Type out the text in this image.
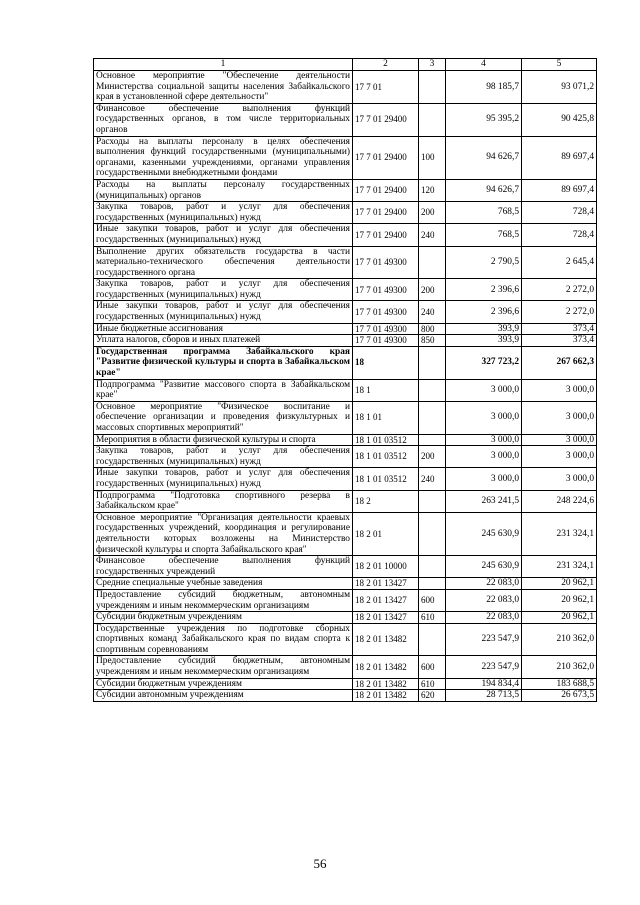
1	2	3	4	5
Основное мероприятие "Обеспечение деятельности Министерства социальной защиты населения Забайкальского края в установленной сфере деятельности"	17 7 01		98 185,7	93 071,2
Финансовое обеспечение выполнения функций государственных органов, в том числе территориальных органов	17 7 01 29400		95 395,2	90 425,8
Расходы на выплаты персоналу в целях обеспечения выполнения функций государственными (муниципальными) органами, казенными учреждениями, органами управления государственными внебюджетными фондами	17 7 01 29400	100	94 626,7	89 697,4
Расходы на выплаты персоналу государственных (муниципальных) органов	17 7 01 29400	120	94 626,7	89 697,4
Закупка товаров, работ и услуг для обеспечения государственных (муниципальных) нужд	17 7 01 29400	200	768,5	728,4
Иные закупки товаров, работ и услуг для обеспечения государственных (муниципальных) нужд	17 7 01 29400	240	768,5	728,4
Выполнение других обязательств государства в части материально-технического обеспечения деятельности государственного органа	17 7 01 49300		2 790,5	2 645,4
Закупка товаров, работ и услуг для обеспечения государственных (муниципальных) нужд	17 7 01 49300	200	2 396,6	2 272,0
Иные закупки товаров, работ и услуг для обеспечения государственных (муниципальных) нужд	17 7 01 49300	240	2 396,6	2 272,0
Иные бюджетные ассигнования	17 7 01 49300	800	393,9	373,4
Уплата налогов, сборов и иных платежей	17 7 01 49300	850	393,9	373,4
Государственная программа Забайкальского края "Развитие физической культуры и спорта в Забайкальском крае"	18		327 723,2	267 662,3
Подпрограмма "Развитие массового спорта в Забайкальском крае"	18 1		3 000,0	3 000,0
Основное мероприятие "Физическое воспитание и обеспечение организации и проведения физкультурных и массовых спортивных мероприятий"	18 1 01		3 000,0	3 000,0
Мероприятия в области физической культуры и спорта	18 1 01 03512		3 000,0	3 000,0
Закупка товаров, работ и услуг для обеспечения государственных (муниципальных) нужд	18 1 01 03512	200	3 000,0	3 000,0
Иные закупки товаров, работ и услуг для обеспечения государственных (муниципальных) нужд	18 1 01 03512	240	3 000,0	3 000,0
Подпрограмма "Подготовка спортивного резерва в Забайкальском крае"	18 2		263 241,5	248 224,6
Основное мероприятие "Организация деятельности краевых государственных учреждений, координация и регулирование деятельности которых возложены на Министерство физической культуры и спорта Забайкальского края"	18 2 01		245 630,9	231 324,1
Финансовое обеспечение выполнения функций государственных учреждений	18 2 01 10000		245 630,9	231 324,1
Средние специальные учебные заведения	18 2 01 13427		22 083,0	20 962,1
Предоставление субсидий бюджетным, автономным учреждениям и иным некоммерческим организациям	18 2 01 13427	600	22 083,0	20 962,1
Субсидии бюджетным учреждениям	18 2 01 13427	610	22 083,0	20 962,1
Государственные учреждения по подготовке сборных спортивных команд Забайкальского края по видам спорта к спортивным соревнованиям	18 2 01 13482		223 547,9	210 362,0
Предоставление субсидий бюджетным, автономным учреждениям и иным некоммерческим организациям	18 2 01 13482	600	223 547,9	210 362,0
Субсидии бюджетным учреждениям	18 2 01 13482	610	194 834,4	183 688,5
Субсидии автономным учреждениям	18 2 01 13482	620	28 713,5	26 673,5
56
